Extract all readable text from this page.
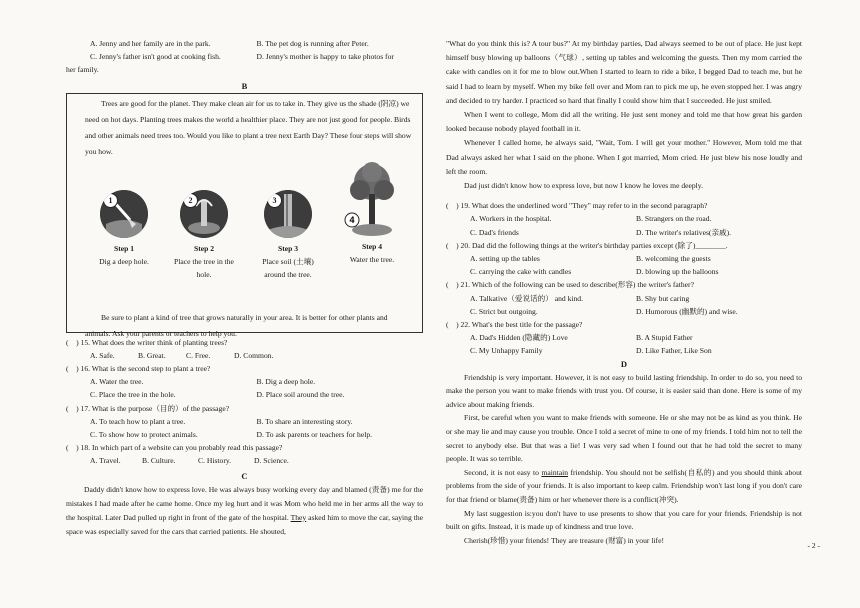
A. Jenny and her family are in the park.	B. The pet dog is running after Peter.
C. Jenny's father isn't good at cooking fish.	D. Jenny's mother is happy to take photos for
her family.
B

Trees are good for the planet. They make clean air for us to take in. They give us the shade (阴凉) we need on hot days. Planting trees makes the world a healthier place. They are not just good for people. Birds and other animals need trees too. Would you like to plant a tree next Earth Day? These four steps will show you how.

1
Step 1
Dig a deep hole.
2
Step 2
Place the tree in the hole.
3
Step 3
Place soil (土壤) around the tree.
4
Step 4
Water the tree.

Be sure to plant a kind of tree that grows naturally in your area. It is better for other plants and animals. Ask your parents or teachers to help you.

(　) 15. What does the writer think of planting trees?
A. Safe.	B. Great.	C. Free.	D. Common.
(　) 16. What is the second step to plant a tree?
A. Water the tree.	B. Dig a deep hole.
C. Place the tree in the hole.	D. Place soil around the tree.
(　) 17. What is the purpose（目的）of the passage?
A. To teach how to plant a tree.	B. To share an interesting story.
C. To show how to protect animals.	D. To ask parents or teachers for help.
(　) 18. In which part of a website can you probably read this passage?
A. Travel.	B. Culture.	C. History.	D. Science.
C

Daddy didn't know how to express love. He was always busy working every day and blamed (责备) me for the mistakes I had made after he came home. Once my leg hurt and it was Mom who held me in her arms all the way to the hospital. Later Dad pulled up right in front of the gate of the hospital. They asked him to move the car, saying the space was especially saved for the cars that carried patients. He shouted,

"What do you think this is? A tour bus?" At my birthday parties, Dad always seemed to be out of place. He just kept himself busy blowing up balloons（气球）, setting up tables and welcoming the guests. Then my mom carried the cake with candles on it for me to blow out.When I started to learn to ride a bike, I begged Dad to teach me, but he said I had to learn by myself. When my bike fell over and Mom ran to pick me up, he even stopped her. I was angry and decided to try harder. I practiced so hard that finally I could show him that I succeeded. He just smiled.

When I went to college, Mom did all the writing. He just sent money and told me that how great his garden looked because nobody played football in it.

Whenever I called home, he always said, "Wait, Tom. I will get your mother." However, Mom told me that Dad always asked her what I said on the phone. When I got married, Mom cried. He just blew his nose loudly and left the room.

Dad just didn't know how to express love, but now I know he loves me deeply.

(　) 19. What does the underlined word "They" may refer to in the second paragraph?
A. Workers in the hospital.	B. Strangers on the road.
C. Dad's friends	D. The writer's relatives(亲戚).
(　) 20. Dad did the following things at the writer's birthday parties except (除了)________.
A. setting up the tables	B. welcoming the guests
C. carrying the cake with candles	D. blowing up the balloons
(　) 21. Which of the following can be used to describe(形容) the writer's father?
A. Talkative（爱说话的） and kind.	B. Shy but caring
C. Strict but outgoing.	D. Humorous (幽默的) and wise.
(　) 22. What's the best title for the passage?
A. Dad's Hidden (隐藏的) Love	B. A Stupid Father
C. My Unhappy Family	D. Like Father, Like Son
D

Friendship is very important. However, it is not easy to build lasting friendship. In order to do so, you need to make the person you want to make friends with trust you. Of course, it is easier said than done. Here is some of my advice about making friends.

First, be careful when you want to make friends with someone. He or she may not be as kind as you think. He or she may lie and may cause you trouble. Once I told a secret of mine to one of my friends. I told him not to tell the secret to anybody else. But that was a lie! I was very sad when I found out that he had told the secret to many people. It was so terrible.

Second, it is not easy to maintain friendship. You should not be selfish(自私的) and you should think about problems from the side of your friends. It is also important to keep calm. Friendship won't last long if you don't care for that friend or blame(责备) him or her whenever there is a conflict(冲突).

My last suggestion is:you don't have to use presents to show that you care for your friends. Friendship is not built on gifts. Instead, it is made up of kindness and true love.

Cherish(珍惜) your friends! They are treasure (财富) in your life!

- 2 -
